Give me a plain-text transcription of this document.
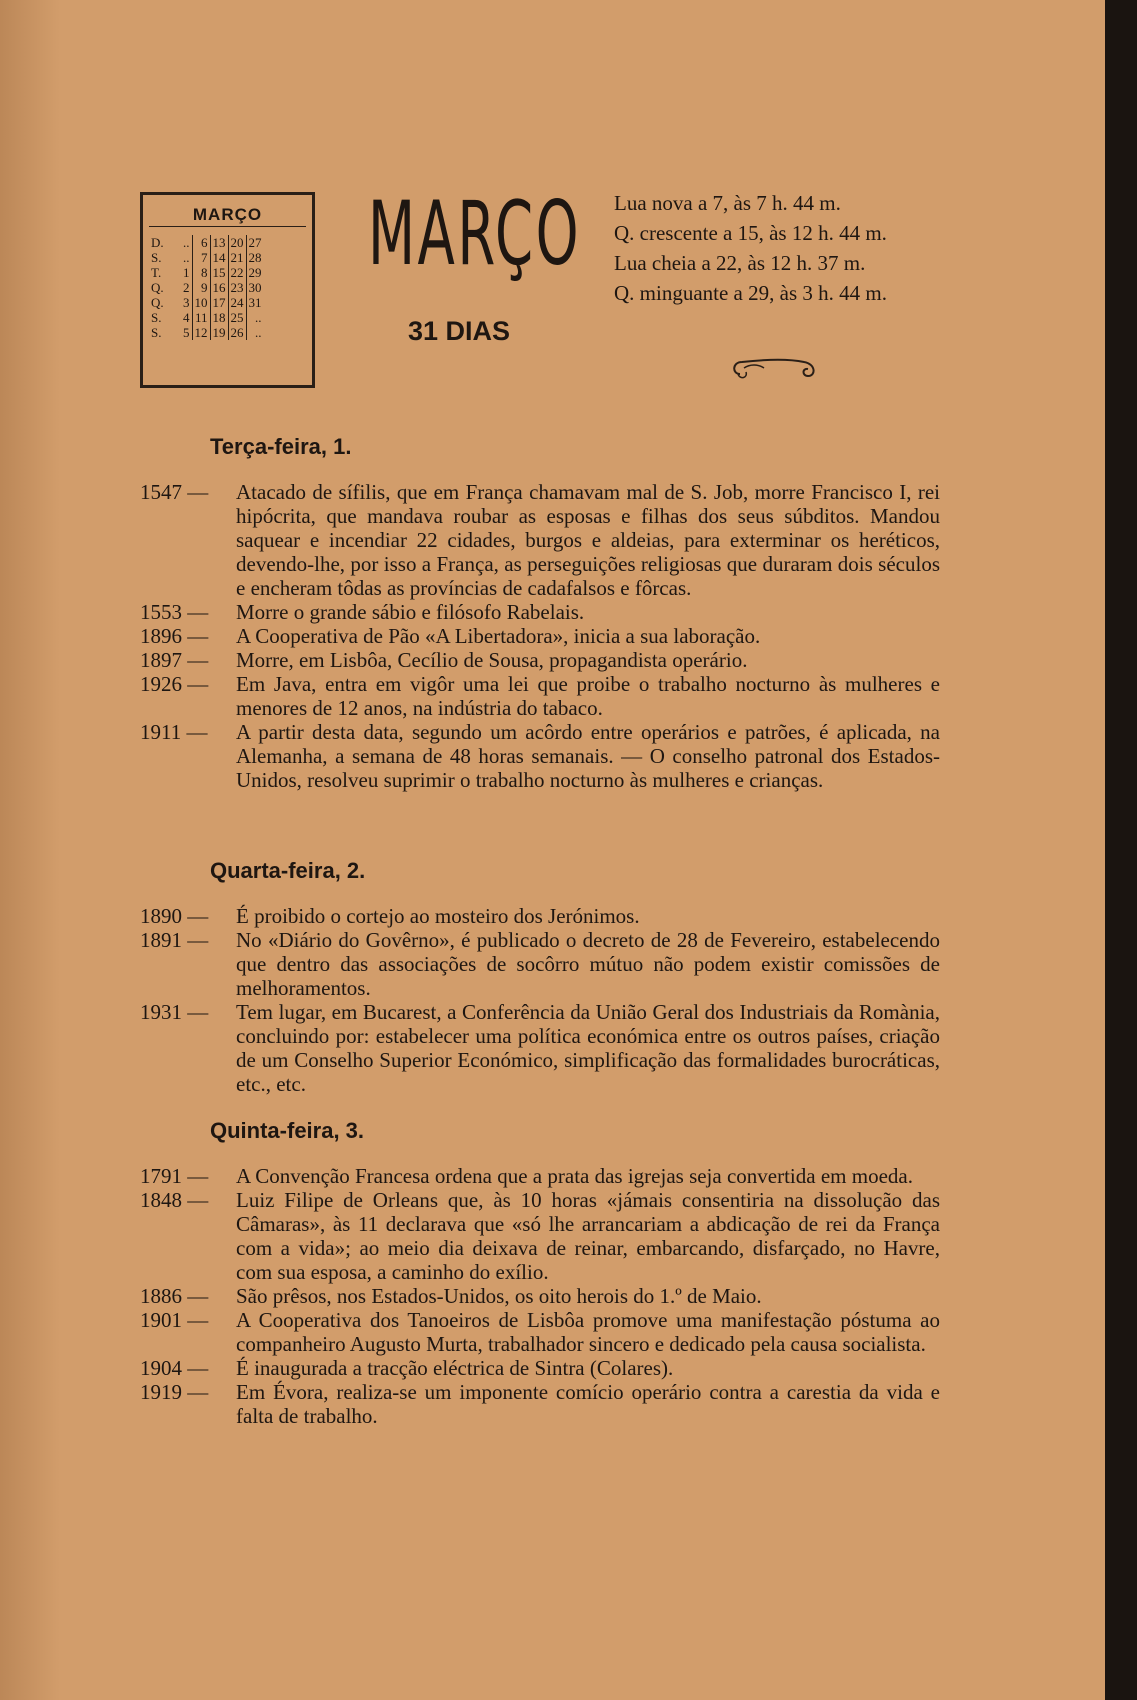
MARÇO
D.	..	6	13	20	27
S.	..	7	14	21	28
T.	1	8	15	22	29
Q.	2	9	16	23	30
Q.	3	10	17	24	31
S.	4	11	18	25	..
S.	5	12	19	26	..
MARÇO
31 DIAS
Lua nova a 7, às 7 h. 44 m.
Q. crescente a 15, às 12 h. 44 m.
Lua cheia a 22, às 12 h. 37 m.
Q. minguante a 29, às 3 h. 44 m.
Terça-feira, 1.
1547 —	Atacado de sífilis, que em França chamavam mal de S. Job, morre Francisco I, rei hipócrita, que mandava roubar as esposas e filhas dos seus súbditos. Mandou saquear e incendiar 22 cidades, burgos e aldeias, para exterminar os heréticos, devendo-lhe, por isso a França, as perseguições religiosas que duraram dois séculos e encheram tôdas as províncias de cadafalsos e fôrcas.
1553 —	Morre o grande sábio e filósofo Rabelais.
1896 —	A Cooperativa de Pão «A Libertadora», inicia a sua laboração.
1897 —	Morre, em Lisbôa, Cecílio de Sousa, propagandista operário.
1926 —	Em Java, entra em vigôr uma lei que proibe o trabalho nocturno às mulheres e menores de 12 anos, na indústria do tabaco.
1911 —	A partir desta data, segundo um acôrdo entre operários e patrões, é aplicada, na Alemanha, a semana de 48 horas semanais. — O conselho patronal dos Estados-Unidos, resolveu suprimir o trabalho nocturno às mulheres e crianças.
Quarta-feira, 2.
1890 —	É proibido o cortejo ao mosteiro dos Jerónimos.
1891 —	No «Diário do Govêrno», é publicado o decreto de 28 de Fevereiro, estabelecendo que dentro das associações de socôrro mútuo não podem existir comissões de melhoramentos.
1931 —	Tem lugar, em Bucarest, a Conferência da União Geral dos Industriais da Romània, concluindo por: estabelecer uma política económica entre os outros países, criação de um Conselho Superior Económico, simplificação das formalidades burocráticas, etc., etc.
Quinta-feira, 3.
1791 —	A Convenção Francesa ordena que a prata das igrejas seja convertida em moeda.
1848 —	Luiz Filipe de Orleans que, às 10 horas «jámais consentiria na dissolução das Câmaras», às 11 declarava que «só lhe arrancariam a abdicação de rei da França com a vida»; ao meio dia deixava de reinar, embarcando, disfarçado, no Havre, com sua esposa, a caminho do exílio.
1886 —	São prêsos, nos Estados-Unidos, os oito herois do 1.º de Maio.
1901 —	A Cooperativa dos Tanoeiros de Lisbôa promove uma manifestação póstuma ao companheiro Augusto Murta, trabalhador sincero e dedicado pela causa socialista.
1904 —	É inaugurada a tracção eléctrica de Sintra (Colares).
1919 —	Em Évora, realiza-se um imponente comício operário contra a carestia da vida e falta de trabalho.
